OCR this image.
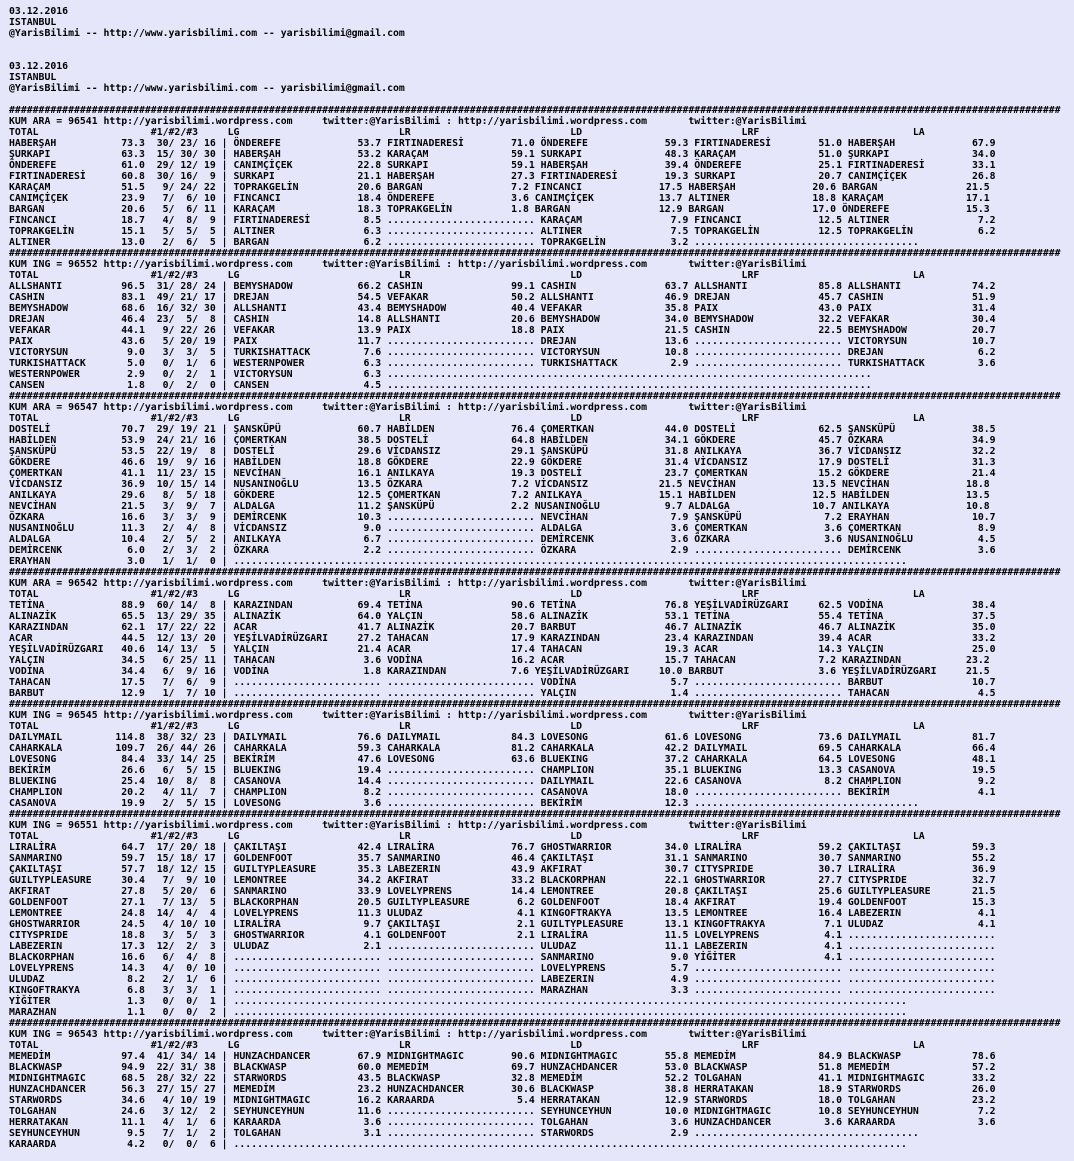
03.12.2016
ISTANBUL
@YarisBilimi -- http://www.yarisbilimi.com -- yarisbilimi@gmail.com
03.12.2016
ISTANBUL
@YarisBilimi -- http://www.yarisbilimi.com -- yarisbilimi@gmail.com
##################################################################################################################################################################################
KUM ARA = 96541 http://yarisbilimi.wordpress.com     twitter:@YarisBilimi : http://yarisbilimi.wordpress.com       twitter:@YarisBilimi
TOTAL                   #1/#2/#3     LG                           LR                           LD                           LRF                          LA
HABERŞAH           73.3  30/ 23/ 16 | ÖNDEREFE             53.7 FIRTINADERESİ        71.0 ÖNDEREFE             59.3 FIRTINADERESİ        51.0 HABERŞAH             67.9
ŞURKAPI            63.3  15/ 30/ 30 | HABERŞAH             53.2 KARAÇAM              59.1 SURKAPI              48.3 KARAÇAM              51.0 ŞURKAPI              34.0
ÖNDEREFE           61.0  29/ 12/ 19 | CANIMÇİÇEK           22.8 SURKAPI              59.1 HABERŞAH             39.4 ÖNDEREFE             25.1 FIRTINADERESİ        33.1
FIRTINADERESİ      60.8  30/ 16/  9 | SURKAPI              21.1 HABERŞAH             27.3 FIRTINADERESİ        19.3 SURKAPI              20.7 CANIMÇİÇEK           26.8
KARAÇAM            51.5   9/ 24/ 22 | TOPRAKGELİN          20.6 BARGAN               7.2 FINCANCI             17.5 HABERŞAH             20.6 BARGAN               21.5
CANIMÇİÇEK         23.9   7/  6/ 10 | FINCANCI             18.4 ÖNDEREFE             3.6 CANIMÇİÇEK           13.7 ALTINER              18.8 KARAÇAM              17.1
BARGAN             20.6   5/  6/ 11 | KARAÇAM              18.3 TOPRAKGELİN          1.8 BARGAN               12.9 BARGAN               17.0 ÖNDEREFE             15.3
FINCANCI           18.7   4/  8/  9 | FIRTINADERESİ         8.5 ......................... KARAÇAM               7.9 FINCANCI             12.5 ALTINER               7.2
TOPRAKGELİN        15.1   5/  5/  5 | ALTINER               6.3 ......................... ALTINER               7.5 TOPRAKGELİN          12.5 TOPRAKGELİN           6.2
ALTINER            13.0   2/  6/  5 | BARGAN                6.2 ......................... TOPRAKGELİN           3.2 ......................................
##################################################################################################################################################################################
KUM ING = 96552 http://yarisbilimi.wordpress.com     twitter:@YarisBilimi : http://yarisbilimi.wordpress.com       twitter:@YarisBilimi
TOTAL                   #1/#2/#3     LG                           LR                           LD                           LRF                          LA
ALLSHANTI          96.5  31/ 28/ 24 | BEMYSHADOW           66.2 CASHIN               99.1 CASHIN               63.7 ALLSHANTI            85.8 ALLSHANTI            74.2
CASHIN             83.1  49/ 21/ 17 | DREJAN               54.5 VEFAKAR              50.2 ALLSHANTI            46.9 DREJAN               45.7 CASHIN               51.9
BEMYSHADOW         68.6  16/ 32/ 30 | ALLSHANTI            43.4 BEMYSHADOW           40.4 VEFAKAR              35.8 PAIX                 43.0 PAIX                 31.4
DREJAN             46.4  23/  5/  8 | CASHIN               14.8 ALLSHANTI            20.6 BEMYSHADOW           34.0 BEMYSHADOW           32.2 VEFAKAR              30.4
VEFAKAR            44.1   9/ 22/ 26 | VEFAKAR              13.9 PAIX                 18.8 PAIX                 21.5 CASHIN               22.5 BEMYSHADOW           20.7
PAIX               43.6   5/ 20/ 19 | PAIX                 11.7 ......................... DREJAN               13.6 ......................... VICTORYSUN           10.7
VICTORYSUN          9.0   3/  3/  5 | TURKISHATTACK         7.6 ......................... VICTORYSUN           10.8 ......................... DREJAN                6.2
TURKISHATTACK       5.0   0/  1/  6 | WESTERNPOWER          6.3 ......................... TURKISHATTACK         2.9 ......................... TURKISHATTACK         3.6
WESTERNPOWER        2.9   0/  2/  1 | VICTORYSUN            6.3 ..................................................................................
CANSEN              1.8   0/  2/  0 | CANSEN                4.5 ..................................................................................
##################################################################################################################################################################################
KUM ARA = 96547 http://yarisbilimi.wordpress.com     twitter:@YarisBilimi : http://yarisbilimi.wordpress.com       twitter:@YarisBilimi
TOTAL                   #1/#2/#3     LG                           LR                           LD                           LRF                          LA
DOSTELİ            70.7  29/ 19/ 21 | ŞANSKÜPÜ             60.7 HABİLDEN             76.4 ÇOMERTKAN            44.0 DOSTELİ              62.5 ŞANSKÜPÜ             38.5
HABİLDEN           53.9  24/ 21/ 16 | ÇOMERTKAN            38.5 DOSTELİ              64.8 HABİLDEN             34.1 GÖKDERE              45.7 ÖZKARA               34.9
ŞANSKÜPÜ           53.5  22/ 19/  8 | DOSTELİ              29.6 VİCDANSIZ            29.1 ŞANSKÜPÜ             31.8 ANILKAYA             36.7 VİCDANSIZ            32.2
GÖKDERE            46.6  19/  9/ 16 | HABİLDEN             18.8 GÖKDERE              22.9 GÖKDERE              31.4 VİCDANSIZ            17.9 DOSTELİ              31.3
ÇOMERTKAN          41.1  11/ 23/ 15 | NEVCİHAN             16.1 ANILKAYA             19.3 DOSTELİ              23.7 ÇOMERTKAN            15.2 GÖKDERE              21.4
VİCDANSIZ          36.9  10/ 15/ 14 | NUSANINOĞLU          13.5 ÖZKARA               7.2 VİCDANSIZ            21.5 NEVCİHAN             13.5 NEVCİHAN             18.8
ANILKAYA           29.6   8/  5/ 18 | GÖKDERE              12.5 ÇOMERTKAN            7.2 ANILKAYA             15.1 HABİLDEN             12.5 HABİLDEN             13.5
NEVCİHAN           21.5   3/  9/  7 | ALDALGA              11.2 ŞANSKÜPÜ             2.2 NUSANINOĞLU           9.7 ALDALGA              10.7 ANILKAYA             10.8
ÖZKARA             16.6   3/  3/  9 | DEMİRCENK            10.3 ......................... NEVCİHAN              7.9 ŞANSKÜPÜ              7.2 ERAYHAN              10.7
NUSANINOĞLU        11.3   2/  4/  8 | VİCDANSIZ             9.0 ......................... ALDALGA               3.6 ÇOMERTKAN             3.6 ÇOMERTKAN             8.9
ALDALGA            10.4   2/  5/  2 | ANILKAYA              6.7 ......................... DEMİRCENK             3.6 ÖZKARA                3.6 NUSANINOĞLU           4.5
DEMİRCENK           6.0   2/  3/  2 | ÖZKARA                2.2 ......................... ÖZKARA                2.9 ......................... DEMİRCENK             3.6
ERAYHAN             3.0   1/  1/  0 | ..................................................................................................................
##################################################################################################################################################################################
KUM ARA = 96542 http://yarisbilimi.wordpress.com     twitter:@YarisBilimi : http://yarisbilimi.wordpress.com       twitter:@YarisBilimi
TOTAL                   #1/#2/#3     LG                           LR                           LD                           LRF                          LA
TETİNA             88.9  60/ 14/  8 | KARAZINDAN           69.4 TETİNA               90.6 TETİNA               76.8 YEŞİLVADİRÜZGARI     62.5 VODİNA               38.4
ALINAZİK           65.5  13/ 29/ 35 | ALINAZİK             64.0 YALÇIN               58.6 ALINAZİK             53.1 TETİNA               55.4 TETİNA               37.5
KARAZINDAN         62.1  17/ 22/ 22 | ACAR                 41.7 ALINAZİK             20.7 BARBUT               46.7 ALINAZİK             46.7 ALINAZİK             35.0
ACAR               44.5  12/ 13/ 20 | YEŞİLVADİRÜZGARI     27.2 TAHACAN              17.9 KARAZINDAN           23.4 KARAZINDAN           39.4 ACAR                 33.2
YEŞİLVADİRÜZGARI   40.6  14/ 13/  5 | YALÇIN               21.4 ACAR                 17.4 TAHACAN              19.3 ACAR                 14.3 YALÇIN               25.0
YALÇIN             34.5   6/ 25/ 11 | TAHACAN               3.6 VODİNA               16.2 ACAR                 15.7 TAHACAN              7.2 KARAZINDAN           23.2
VODİNA             34.4   6/  9/ 16 | VODİNA                1.8 KARAZINDAN           7.6 YEŞİLVADİRÜZGARI     10.0 BARBUT                3.6 YEŞİLVADİRÜZGARI     21.5
TAHACAN            17.5   7/  6/  9 | ......................... ......................... VODİNA                5.7 ......................... BARBUT               10.7
BARBUT             12.9   1/  7/ 10 | ......................... ......................... YALÇIN                1.4 ......................... TAHACAN               4.5
##################################################################################################################################################################################
KUM ING = 96545 http://yarisbilimi.wordpress.com     twitter:@YarisBilimi : http://yarisbilimi.wordpress.com       twitter:@YarisBilimi
TOTAL                   #1/#2/#3     LG                           LR                           LD                           LRF                          LA
DAILYMAIL         114.8  38/ 32/ 23 | DAILYMAIL            76.6 DAILYMAIL            84.3 LOVESONG             61.6 LOVESONG             73.6 DAILYMAIL            81.7
CAHARKALA         109.7  26/ 44/ 26 | CAHARKALA            59.3 CAHARKALA            81.2 CAHARKALA            42.2 DAILYMAIL            69.5 CAHARKALA            66.4
LOVESONG           84.4  33/ 14/ 25 | BEKİRİM              47.6 LOVESONG             63.6 BLUEKING             37.2 CAHARKALA            64.5 LOVESONG             48.1
BEKİRİM            26.6   6/  5/ 15 | BLUEKING             19.4 ......................... CHAMPLION            35.1 BLUEKING             13.3 CASANOVA             19.5
BLUEKING           25.4  10/  8/  8 | CASANOVA             14.4 ......................... DAILYMAIL            22.6 CASANOVA              8.2 CHAMPLION             9.2
CHAMPLION          20.2   4/ 11/  7 | CHAMPLION             8.2 ......................... CASANOVA             18.0 ......................... BEKİRİM               4.1
CASANOVA           19.9   2/  5/ 15 | LOVESONG              3.6 ......................... BEKİRİM              12.3 ......................................
##################################################################################################################################################################################
KUM ING = 96551 http://yarisbilimi.wordpress.com     twitter:@YarisBilimi : http://yarisbilimi.wordpress.com       twitter:@YarisBilimi
TOTAL                   #1/#2/#3     LG                           LR                           LD                           LRF                          LA
LIRALİRA           64.7  17/ 20/ 18 | ÇAKILTAŞI            42.4 LIRALİRA             76.7 GHOSTWARRIOR         34.0 LIRALİRA             59.2 ÇAKILTAŞI            59.3
SANMARINO          59.7  15/ 18/ 17 | GOLDENFOOT           35.7 SANMARINO            46.4 ÇAKILTAŞI            31.1 SANMARINO            30.7 SANMARINO            55.2
ÇAKILTAŞI          57.7  18/ 12/ 15 | GUILTYPLEASURE       35.3 LABEZERIN            43.9 AKFIRAT              30.7 CITYSPRIDE           30.7 LIRALİRA             36.9
GUILTYPLEASURE     30.4   7/  9/ 10 | LEMONTREE            34.2 AKFIRAT              33.2 BLACKORPHAN          22.1 GHOSTWARRIOR         27.7 CITYSPRIDE           32.7
AKFIRAT            27.8   5/ 20/  6 | SANMARINO            33.9 LOVELYPRENS          14.4 LEMONTREE            20.8 ÇAKILTAŞI            25.6 GUILTYPLEASURE       21.5
GOLDENFOOT         27.1   7/ 13/  5 | BLACKORPHAN          20.5 GUILTYPLEASURE        6.2 GOLDENFOOT           18.4 AKFIRAT              19.4 GOLDENFOOT           15.3
LEMONTREE          24.8  14/  4/  4 | LOVELYPRENS          11.3 ULUDAZ                4.1 KINGOFTRAKYA         13.5 LEMONTREE            16.4 LABEZERIN             4.1
GHOSTWARRIOR       24.5   4/ 10/ 10 | LIRALİRA              9.7 ÇAKILTAŞI             2.1 GUILTYPLEASURE       13.1 KINGOFTRAKYA          7.1 ULUDAZ                4.1
CITYSPRIDE         18.8   3/  5/  3 | GHOSTWARRIOR          4.1 GOLDENFOOT            2.1 LIRALİRA             11.5 LOVELYPRENS           4.1 .........................
LABEZERIN          17.3  12/  2/  3 | ULUDAZ                2.1 ......................... ULUDAZ               11.1 LABEZERIN             4.1 .........................
BLACKORPHAN        16.6   6/  4/  8 | ......................... ......................... SANMARINO             9.0 YİĞİTER               4.1 .........................
LOVELYPRENS        14.3   4/  0/ 10 | ......................... ......................... LOVELYPRENS           5.7 ......................... .........................
ULUDAZ              8.2   2/  1/  6 | ......................... ......................... LABEZERIN             4.9 ......................... .........................
KINGOFTRAKYA        6.8   3/  3/  1 | ......................... ......................... MARAZHAN              3.3 ......................... .........................
YİĞİTER             1.3   0/  0/  1 | ..................................................................................................................
MARAZHAN            1.1   0/  0/  2 | ..................................................................................................................
##################################################################################################################################################################################
KUM ING = 96543 http://yarisbilimi.wordpress.com     twitter:@YarisBilimi : http://yarisbilimi.wordpress.com       twitter:@YarisBilimi
TOTAL                   #1/#2/#3     LG                           LR                           LD                           LRF                          LA
MEMEDİM            97.4  41/ 34/ 14 | HUNZACHDANCER        67.9 MIDNIGHTMAGIC        90.6 MIDNIGHTMAGIC        55.8 MEMEDİM              84.9 BLACKWASP            78.6
BLACKWASP          94.9  22/ 31/ 38 | BLACKWASP            60.0 MEMEDİM              69.7 HUNZACHDANCER        53.0 BLACKWASP            51.8 MEMEDİM              57.2
MIDNIGHTMAGIC      68.5  28/ 32/ 22 | STARWORDS            43.5 BLACKWASP            32.8 MEMEDİM              52.2 TOLGAHAN             41.1 MIDNIGHTMAGIC        33.2
HUNZACHDANCER      56.3  27/ 15/ 27 | MEMEDİM              23.2 HUNZACHDANCER        30.6 BLACKWASP            38.8 HERRATAKAN           18.9 STARWORDS            26.0
STARWORDS          34.6   4/ 10/ 19 | MIDNIGHTMAGIC        16.2 KARAARDA              5.4 HERRATAKAN           12.9 STARWORDS            18.0 TOLGAHAN             23.2
TOLGAHAN           24.6   3/ 12/  2 | SEYHUNCEYHUN         11.6 ......................... SEYHUNCEYHUN         10.0 MIDNIGHTMAGIC        10.8 SEYHUNCEYHUN          7.2
HERRATAKAN         11.1   4/  1/  6 | KARAARDA              3.6 ......................... TOLGAHAN              3.6 HUNZACHDANCER         3.6 KARAARDA              3.6
SEYHUNCEYHUN        9.5   7/  1/  2 | TOLGAHAN              3.1 ......................... STARWORDS             2.9 ......................................
KARAARDA            4.2   0/  0/  6 | ..................................................................................................................
